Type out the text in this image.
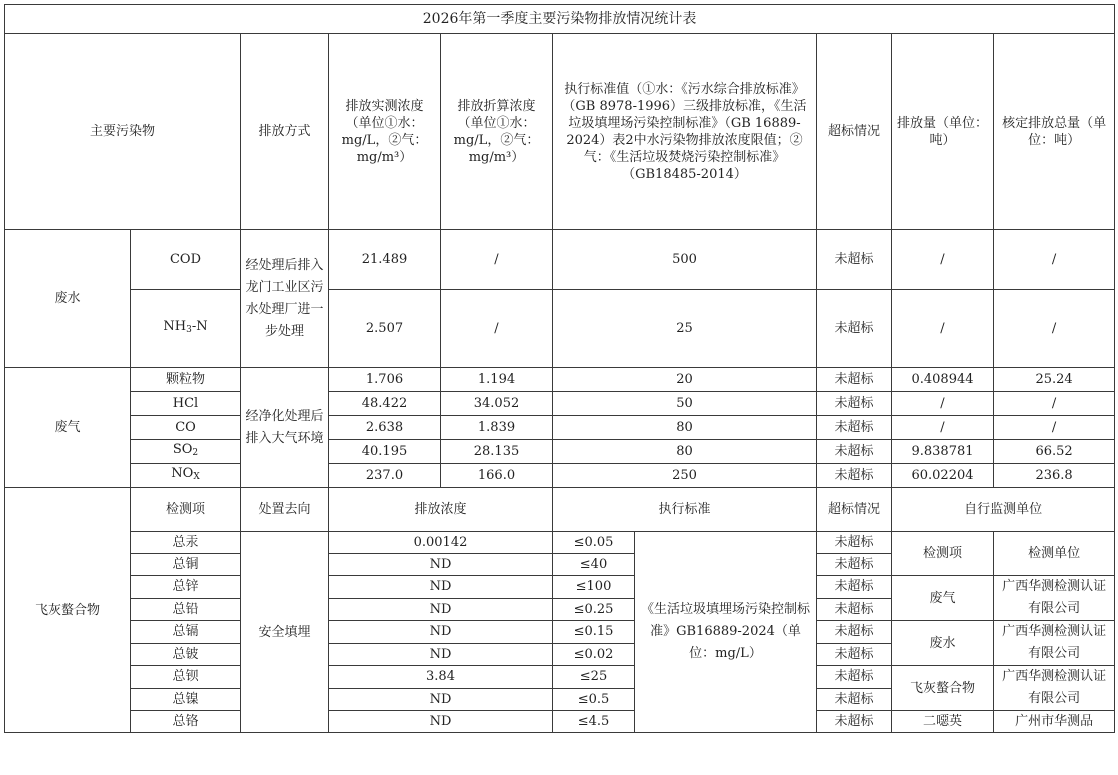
2026年第一季度主要污染物排放情况统计表									
主要污染物		排放方式	排放实测浓度（单位①水：mg/L，②气：mg/m³）	排放折算浓度（单位①水：mg/L，②气：mg/m³）	执行标准值（①水：《污水综合排放标准》（GB 8978-1996）三级排放标准，《生活垃圾填埋场污染控制标准》（GB 16889-2024）表2中水污染物排放浓度限值；②气：《生活垃圾焚烧污染控制标准》（GB18485-2014）		超标情况	排放量（单位：吨）	核定排放总量（单位：吨）
废水	COD	经处理后排入龙门工业区污水处理厂进一步处理	21.489	/	500		未超标	/	/
	$NH_3-N$		2.507	/	25		未超标	/	/
废气	颗粒物	经净化处理后排入大气环境	1.706	1.194	20		未超标	0.408944	25.24
	HCl		48.422	34.052	50		未超标	/	/
	CO		2.638	1.839	80		未超标	/	/
	$SO_2$		40.195	28.135	80		未超标	9.838781	66.52
	$NO_X$		237.0	166.0	250		未超标	60.02204	236.8
飞灰螯合物	检测项	处置去向	排放浓度		执行标准		超标情况	自行监测单位	
	总汞	安全填埋	0.00142		≤0.05	《生活垃圾填埋场污染控制标准》GB16889-2024（单位：mg/L）	未超标	检测项	检测单位
	总铜		ND		≤40		未超标		
	总锌		ND		≤100		未超标	废气	广西华测检测认证有限公司
	总铅		ND		≤0.25		未超标		
	总镉		ND		≤0.15		未超标	废水	广西华测检测认证有限公司
	总铍		ND		≤0.02		未超标		
	总钡		3.84		≤25		未超标	飞灰螯合物	广西华测检测认证有限公司
	总镍		ND		≤0.5		未超标		
	总铬		ND		≤4.5		未超标	二噁英	广州市华测品
